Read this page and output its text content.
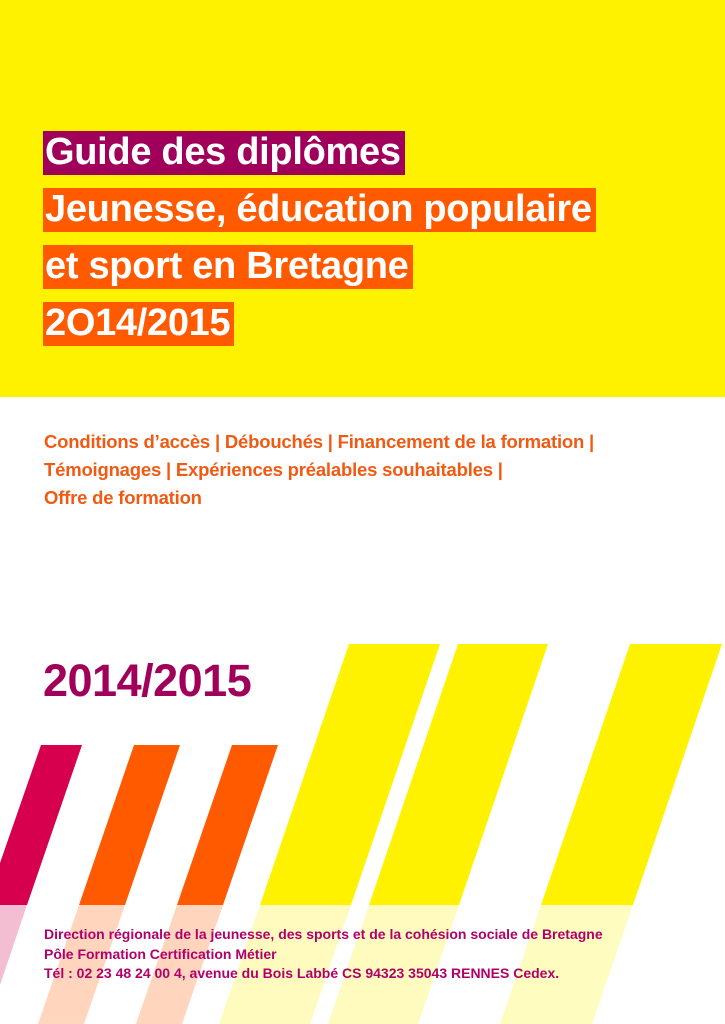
Guide des diplômes
Jeunesse, éducation populaire
et sport en Bretagne
2O14/2015
Conditions d’accès | Débouchés | Financement de la formation |
Témoignages | Expériences préalables souhaitables |
Offre de formation
2014/2015
Direction régionale de la jeunesse, des sports et de la cohésion sociale de Bretagne
Pôle Formation Certification Métier
Tél : 02 23 48 24 00 4, avenue du Bois Labbé CS 94323 35043 RENNES Cedex.
